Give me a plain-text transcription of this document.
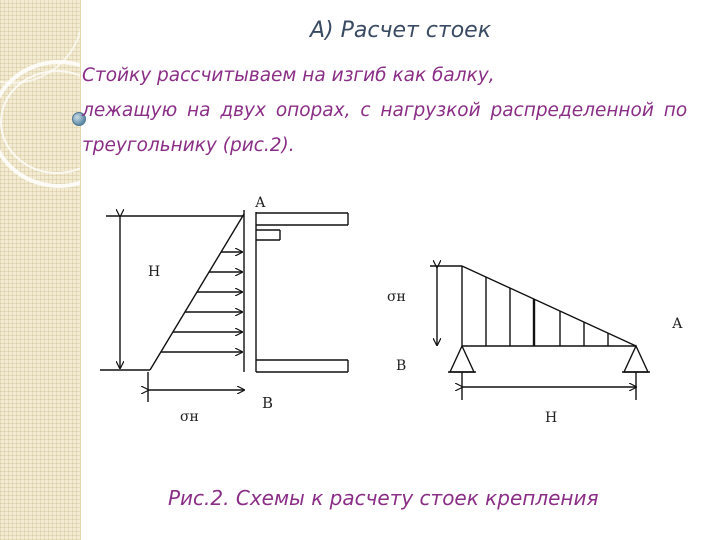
А) Расчет стоек
Стойку рассчитываем на изгиб как балку,
лежащую на двух опорах, с нагрузкой распределенной по
треугольнику (рис.2).
А
Н
σн
В
σн
А
В
Н
Рис.2. Схемы к расчету стоек крепления
